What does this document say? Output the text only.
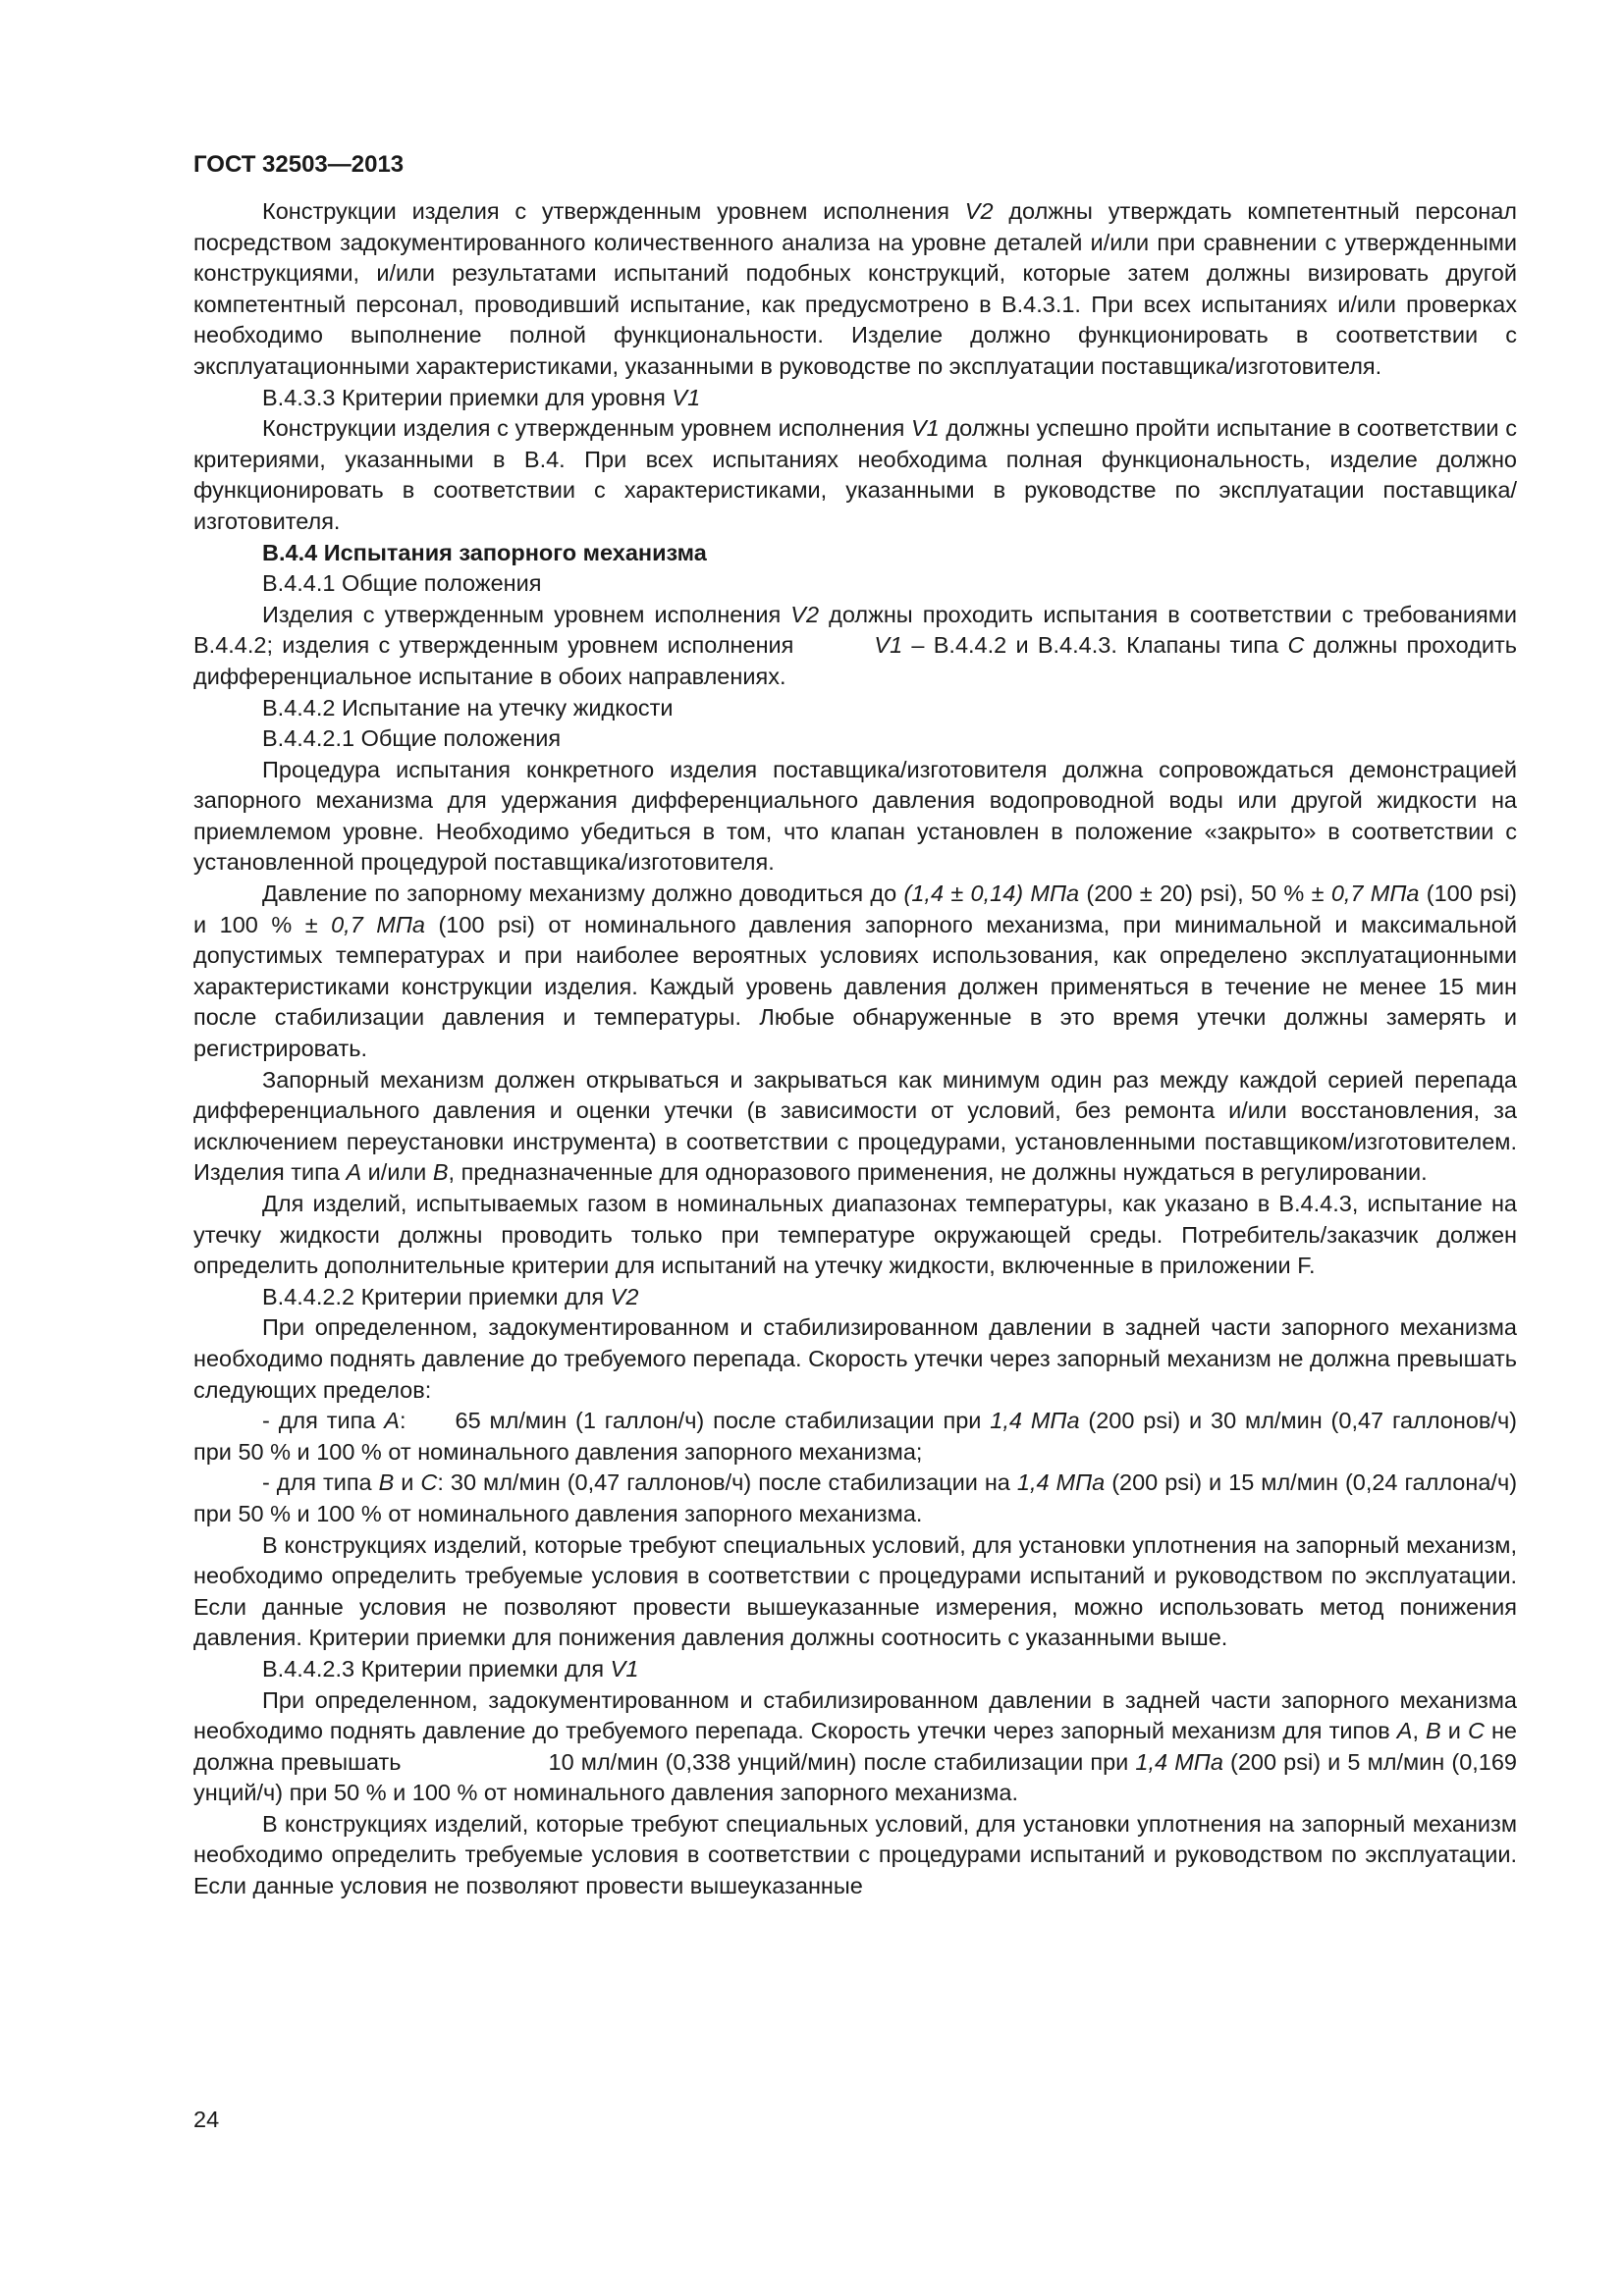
ГОСТ 32503—2013

Конструкции изделия с утвержденным уровнем исполнения V2 должны утверждать компетентный персонал посредством задокументированного количественного анализа на уровне деталей и/или при сравнении с утвержденными конструкциями, и/или результатами испытаний подобных конструкций, которые затем должны визировать другой компетентный персонал, проводивший испытание, как предусмотрено в В.4.3.1. При всех испытаниях и/или проверках необходимо выполнение полной функциональности. Изделие должно функционировать в соответствии с эксплуатационными характеристиками, указанными в руководстве по эксплуатации поставщика/изготовителя.

В.4.3.3 Критерии приемки для уровня V1

Конструкции изделия с утвержденным уровнем исполнения V1 должны успешно пройти испытание в соответствии с критериями, указанными в В.4. При всех испытаниях необходима полная функциональность, изделие должно функционировать в соответствии с характеристиками, указанными в руководстве по эксплуатации поставщика/изготовителя.

В.4.4 Испытания запорного механизма

В.4.4.1 Общие положения

Изделия с утвержденным уровнем исполнения V2 должны проходить испытания в соответствии с требованиями В.4.4.2; изделия с утвержденным уровнем исполнения	V1 – В.4.4.2 и В.4.4.3. Клапаны типа С должны проходить дифференциальное испытание в обоих направлениях.

В.4.4.2 Испытание на утечку жидкости

В.4.4.2.1 Общие положения

Процедура испытания конкретного изделия поставщика/изготовителя должна сопровождаться демонстрацией запорного механизма для удержания дифференциального давления водопроводной воды или другой жидкости на приемлемом уровне. Необходимо убедиться в том, что клапан установлен в положение «закрыто» в соответствии с установленной процедурой поставщика/изготовителя.

Давление по запорному механизму должно доводиться до (1,4 ± 0,14) МПа (200 ± 20) psi), 50 % ± 0,7 МПа (100 psi) и 100 % ± 0,7 МПа (100 psi) от номинального давления запорного механизма, при минимальной и максимальной допустимых температурах и при наиболее вероятных условиях использования, как определено эксплуатационными характеристиками конструкции изделия. Каждый уровень давления должен применяться в течение не менее 15 мин после стабилизации давления и температуры. Любые обнаруженные в это время утечки должны замерять и регистрировать.

Запорный механизм должен открываться и закрываться как минимум один раз между каждой серией перепада дифференциального давления и оценки утечки (в зависимости от условий, без ремонта и/или восстановления, за исключением переустановки инструмента) в соответствии с процедурами, установленными поставщиком/изготовителем. Изделия типа А и/или В, предназначенные для одноразового применения, не должны нуждаться в регулировании.

Для изделий, испытываемых газом в номинальных диапазонах температуры, как указано в В.4.4.3, испытание на утечку жидкости должны проводить только при температуре окружающей среды. Потребитель/заказчик должен определить дополнительные критерии для испытаний на утечку жидкости, включенные в приложении F.

В.4.4.2.2 Критерии приемки для V2

При определенном, задокументированном и стабилизированном давлении в задней части запорного механизма необходимо поднять давление до требуемого перепада. Скорость утечки через запорный механизм не должна превышать следующих пределов:

- для типа А: 65 мл/мин (1 галлон/ч) после стабилизации при 1,4 МПа (200 psi) и 30 мл/мин (0,47 галлонов/ч) при 50 % и 100 % от номинального давления запорного механизма;

- для типа В и С: 30 мл/мин (0,47 галлонов/ч) после стабилизации на 1,4 МПа (200 psi) и 15 мл/мин (0,24 галлона/ч) при 50 % и 100 % от номинального давления запорного механизма.

В конструкциях изделий, которые требуют специальных условий, для установки уплотнения на запорный механизм, необходимо определить требуемые условия в соответствии с процедурами испытаний и руководством по эксплуатации. Если данные условия не позволяют провести вышеуказанные измерения, можно использовать метод понижения давления. Критерии приемки для понижения давления должны соотносить с указанными выше.

В.4.4.2.3 Критерии приемки для V1

При определенном, задокументированном и стабилизированном давлении в задней части запорного механизма необходимо поднять давление до требуемого перепада. Скорость утечки через запорный механизм для типов А, В и С не должна превышать	10 мл/мин (0,338 унций/мин) после стабилизации при 1,4 МПа (200 psi) и 5 мл/мин (0,169 унций/ч) при 50 % и 100 % от номинального давления запорного механизма.

В конструкциях изделий, которые требуют специальных условий, для установки уплотнения на запорный механизм необходимо определить требуемые условия в соответствии с процедурами испытаний и руководством по эксплуатации. Если данные условия не позволяют провести вышеуказанные

24
